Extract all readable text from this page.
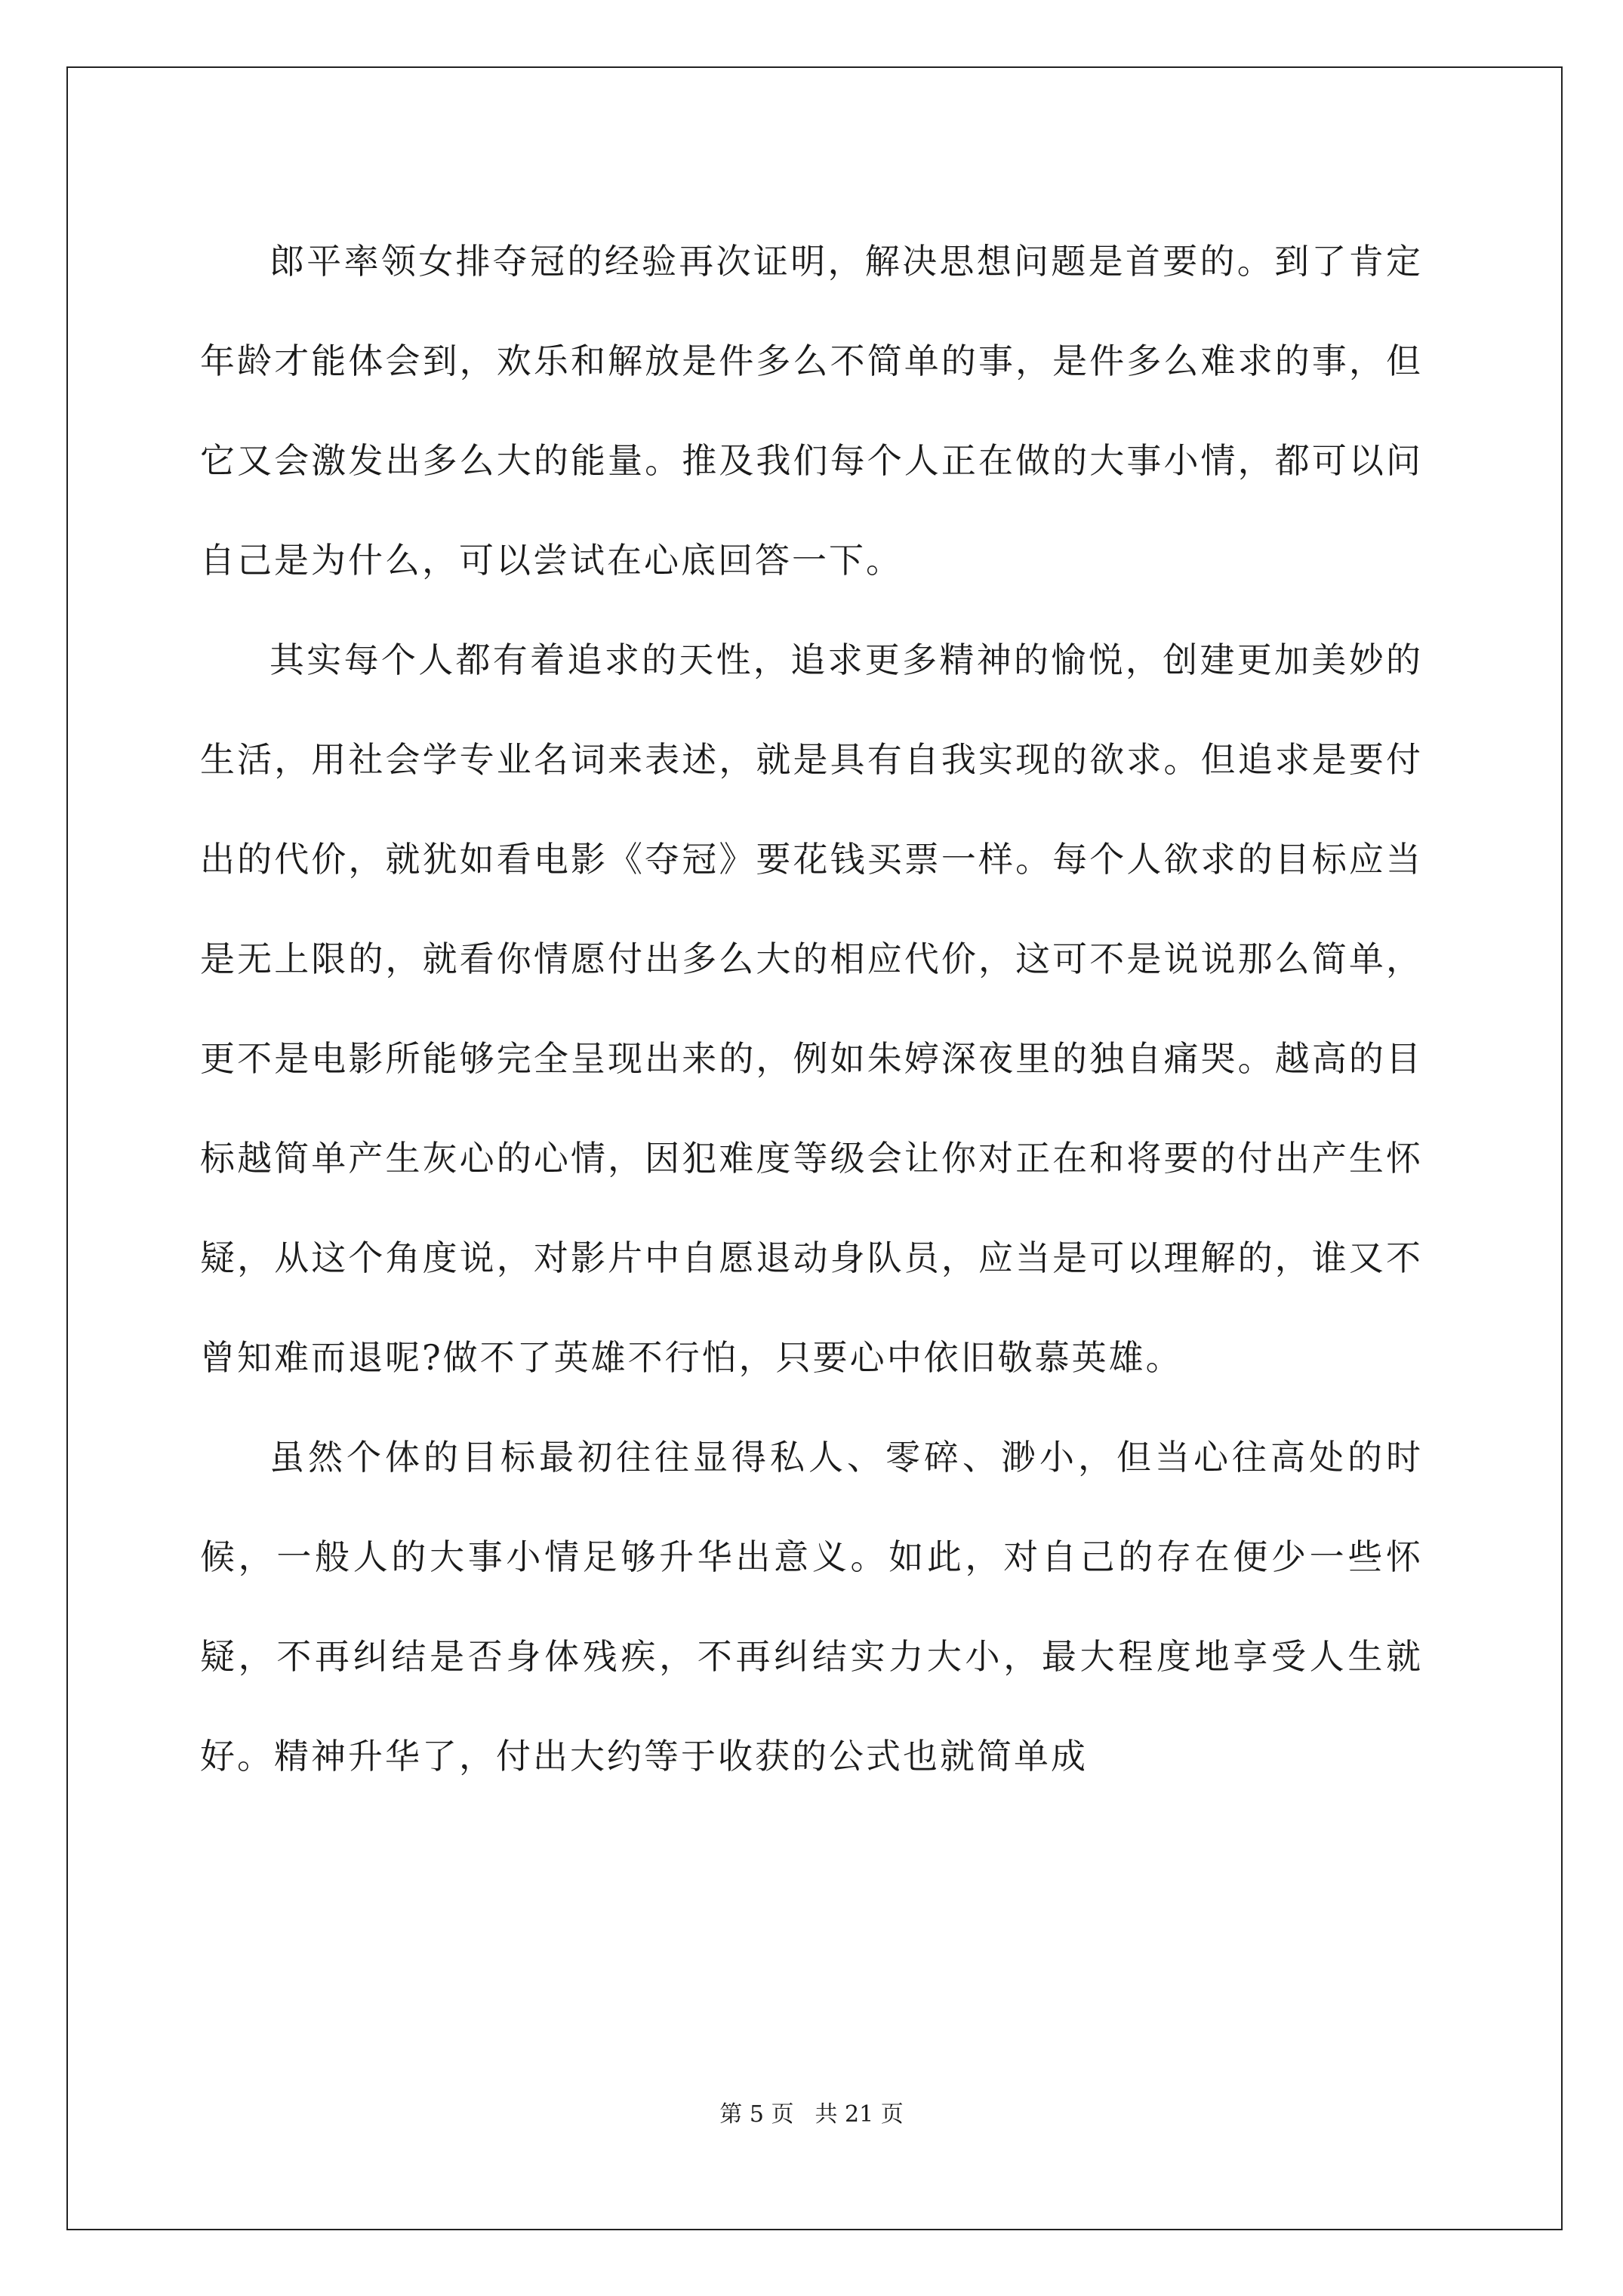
郎平率领女排夺冠的经验再次证明，解决思想问题是首要的。到了肯定年龄才能体会到，欢乐和解放是件多么不简单的事，是件多么难求的事，但它又会激发出多么大的能量。推及我们每个人正在做的大事小情，都可以问自己是为什么，可以尝试在心底回答一下。

其实每个人都有着追求的天性，追求更多精神的愉悦，创建更加美妙的生活，用社会学专业名词来表述，就是具有自我实现的欲求。但追求是要付出的代价，就犹如看电影《夺冠》要花钱买票一样。每个人欲求的目标应当是无上限的，就看你情愿付出多么大的相应代价，这可不是说说那么简单，更不是电影所能够完全呈现出来的，例如朱婷深夜里的独自痛哭。越高的目标越简单产生灰心的心情，因犯难度等级会让你对正在和将要的付出产生怀疑，从这个角度说，对影片中自愿退动身队员，应当是可以理解的，谁又不曾知难而退呢?做不了英雄不行怕，只要心中依旧敬慕英雄。

虽然个体的目标最初往往显得私人、零碎、渺小，但当心往高处的时候，一般人的大事小情足够升华出意义。如此，对自己的存在便少一些怀疑，不再纠结是否身体残疾，不再纠结实力大小，最大程度地享受人生就好。精神升华了，付出大约等于收获的公式也就简单成

第 5 页 共 21 页
